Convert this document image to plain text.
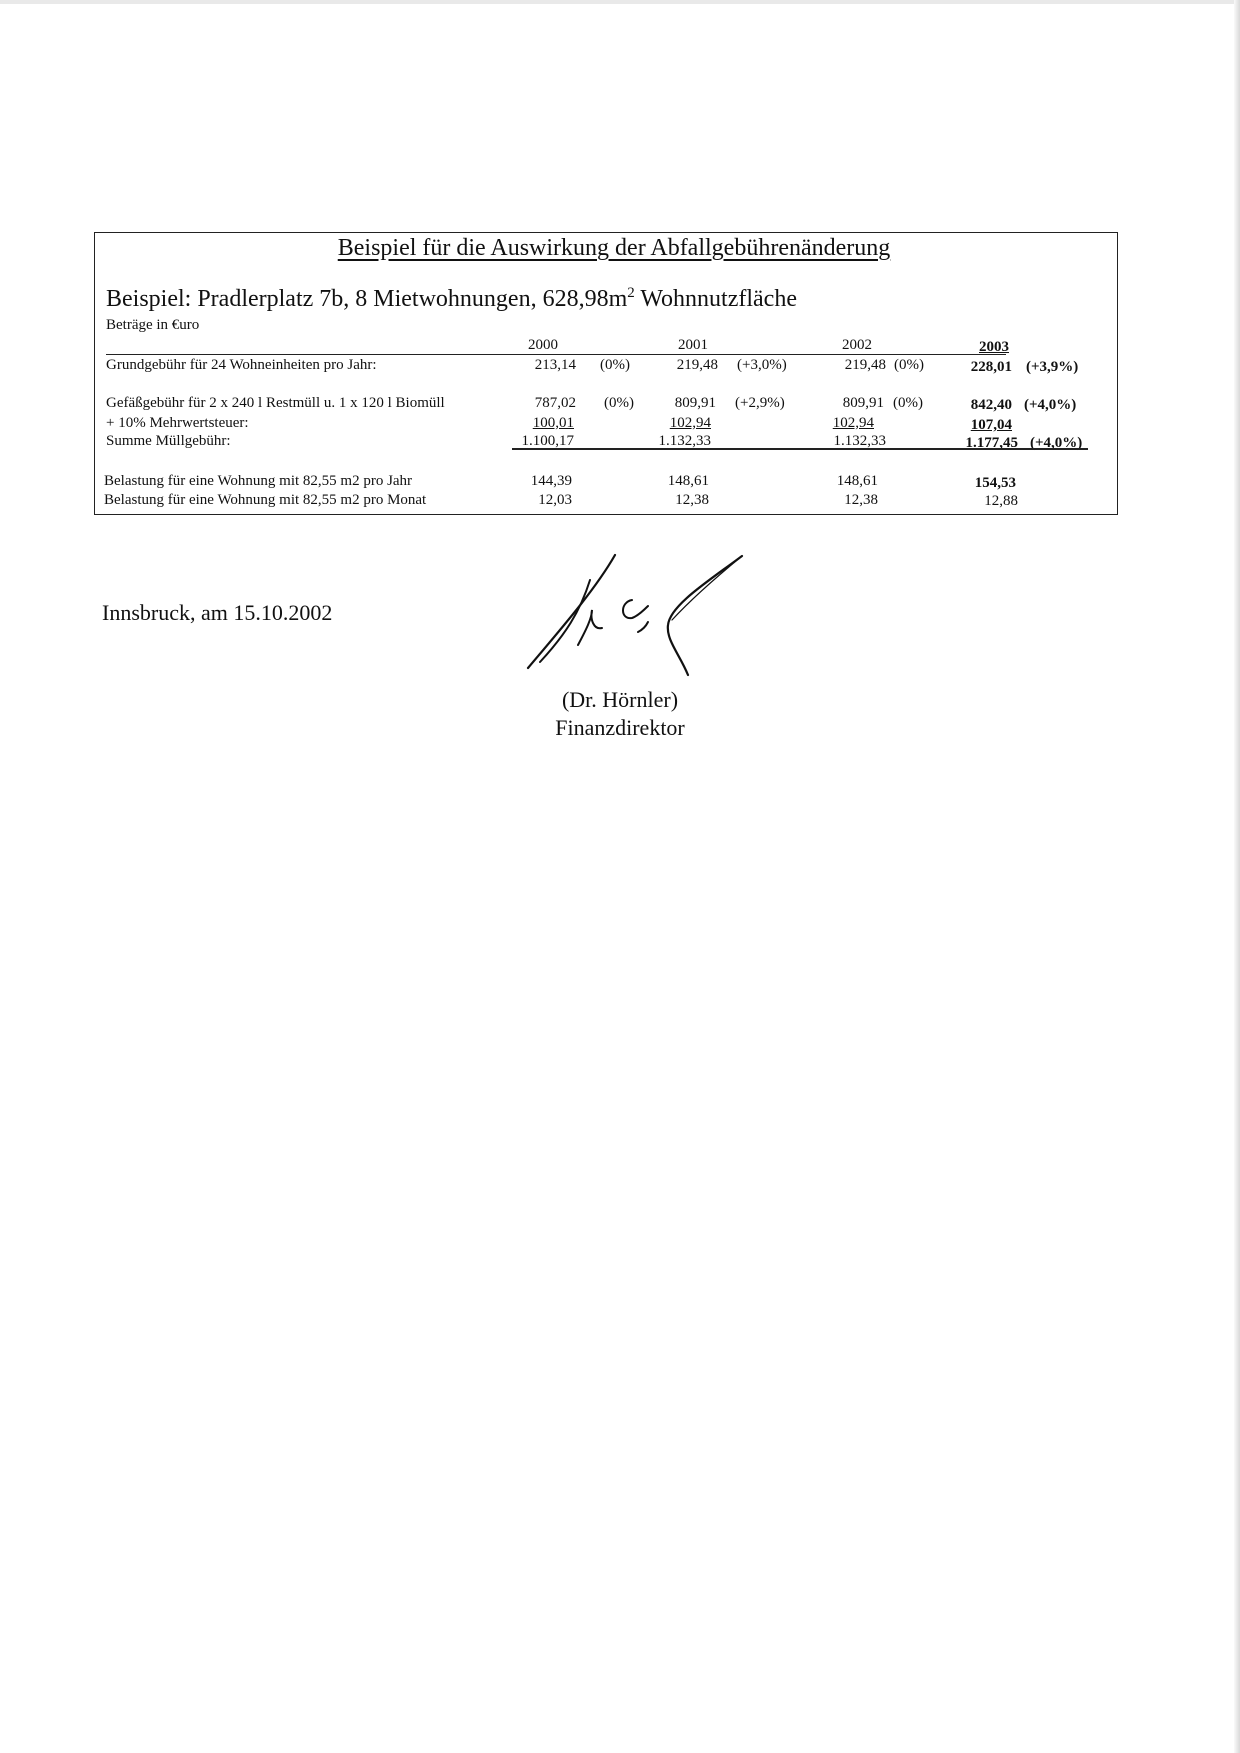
Beispiel für die Auswirkung der Abfallgebührenänderung
Beispiel: Pradlerplatz 7b, 8 Mietwohnungen, $628,98m^2$ Wohnnutzfläche
Beträge in €uro
2000	2001	2002	2003
Grundgebühr für 24 Wohneinheiten pro Jahr:	213,14 (0%)	219,48 (+3,0%)	219,48 (0%)	228,01 (+3,9%)
Gefäßgebühr für 2 x 240 l Restmüll u. 1 x 120 l Biomüll	787,02 (0%)	809,91 (+2,9%)	809,91 (0%)	842,40 (+4,0%)
+ 10% Mehrwertsteuer:	100,01	102,94	102,94	107,04
Summe Müllgebühr:	1.100,17	1.132,33	1.132,33	1.177,45 (+4,0%)
Belastung für eine Wohnung mit 82,55 m2 pro Jahr	144,39	148,61	148,61	154,53
Belastung für eine Wohnung mit 82,55 m2 pro Monat	12,03	12,38	12,38	12,88
Innsbruck, am 15.10.2002
(Dr. Hörnler)
Finanzdirektor
